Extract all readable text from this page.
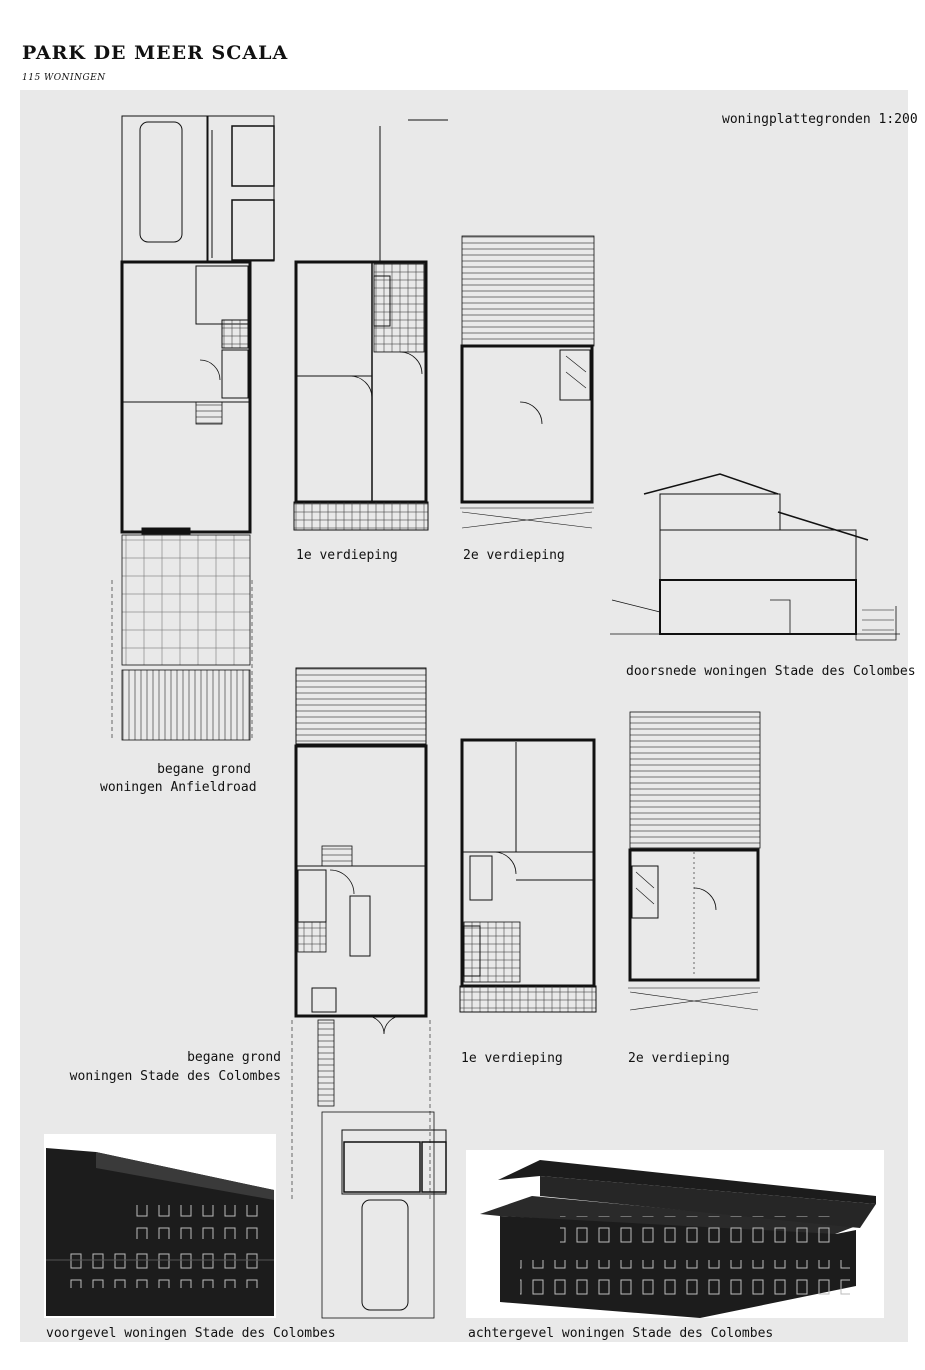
PARK DE MEER SCALA
115 WONINGEN
woningplattegronden 1:200
begane grond
woningen Anfieldroad
1e verdieping	2e verdieping
doorsnede woningen Stade des Colombes
begane grond
woningen Stade des Colombes
1e verdieping	2e verdieping
voorgevel woningen Stade des Colombes	achtergevel woningen Stade des Colombes
